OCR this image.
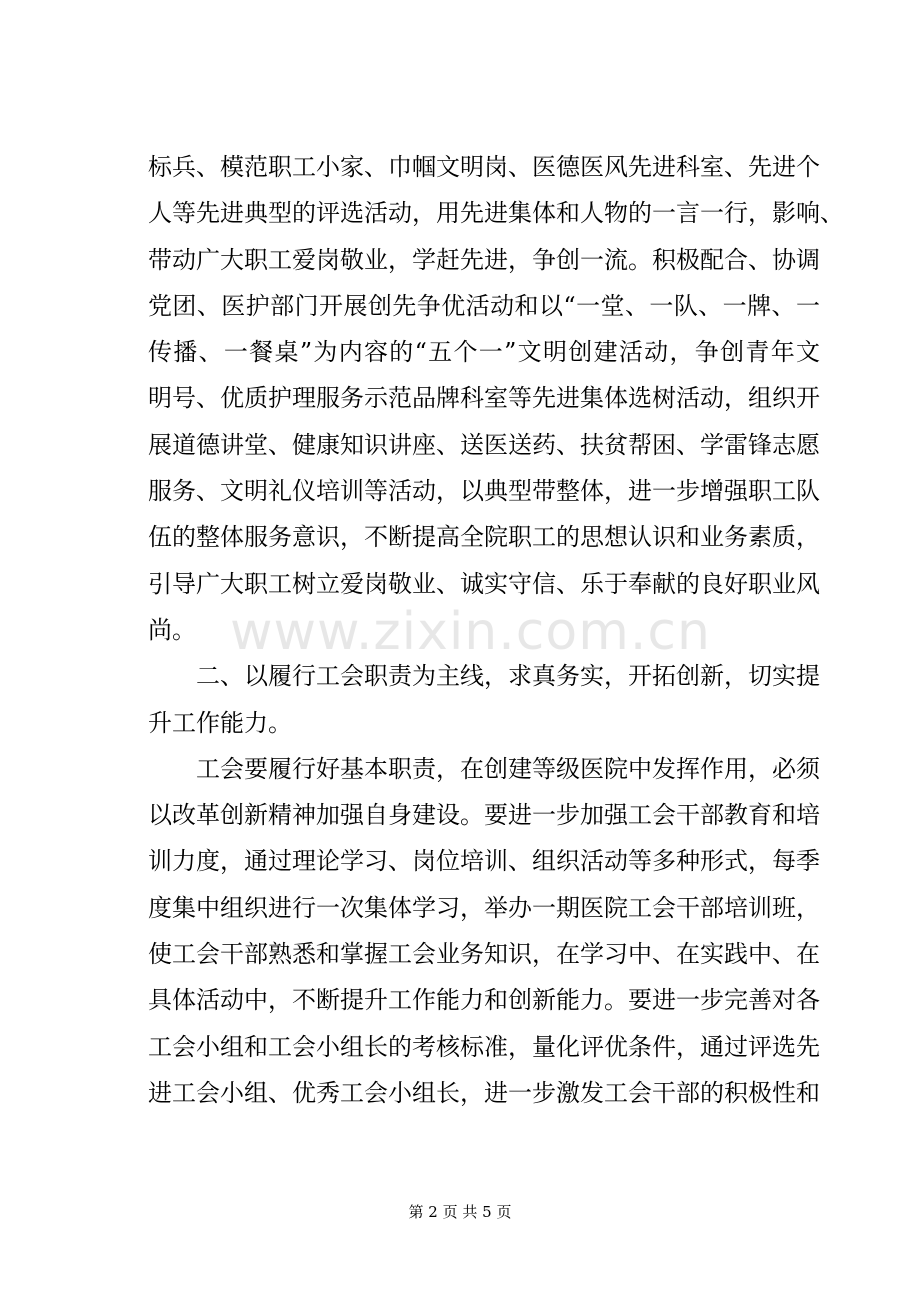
标兵、模范职工小家、巾帼文明岗、医德医风先进科室、先进个
人等先进典型的评选活动，用先进集体和人物的一言一行，影响、
带动广大职工爱岗敬业，学赶先进，争创一流。积极配合、协调
党团、医护部门开展创先争优活动和以“一堂、一队、一牌、一
传播、一餐桌”为内容的“五个一”文明创建活动，争创青年文
明号、优质护理服务示范品牌科室等先进集体选树活动，组织开
展道德讲堂、健康知识讲座、送医送药、扶贫帮困、学雷锋志愿
服务、文明礼仪培训等活动，以典型带整体，进一步增强职工队
伍的整体服务意识，不断提高全院职工的思想认识和业务素质，
引导广大职工树立爱岗敬业、诚实守信、乐于奉献的良好职业风
尚。
二、以履行工会职责为主线，求真务实，开拓创新，切实提
升工作能力。
工会要履行好基本职责，在创建等级医院中发挥作用，必须
以改革创新精神加强自身建设。要进一步加强工会干部教育和培
训力度，通过理论学习、岗位培训、组织活动等多种形式，每季
度集中组织进行一次集体学习，举办一期医院工会干部培训班，
使工会干部熟悉和掌握工会业务知识，在学习中、在实践中、在
具体活动中，不断提升工作能力和创新能力。要进一步完善对各
工会小组和工会小组长的考核标准，量化评优条件，通过评选先
进工会小组、优秀工会小组长，进一步激发工会干部的积极性和
www.zixin.com.cn
第 2 页 共 5 页
